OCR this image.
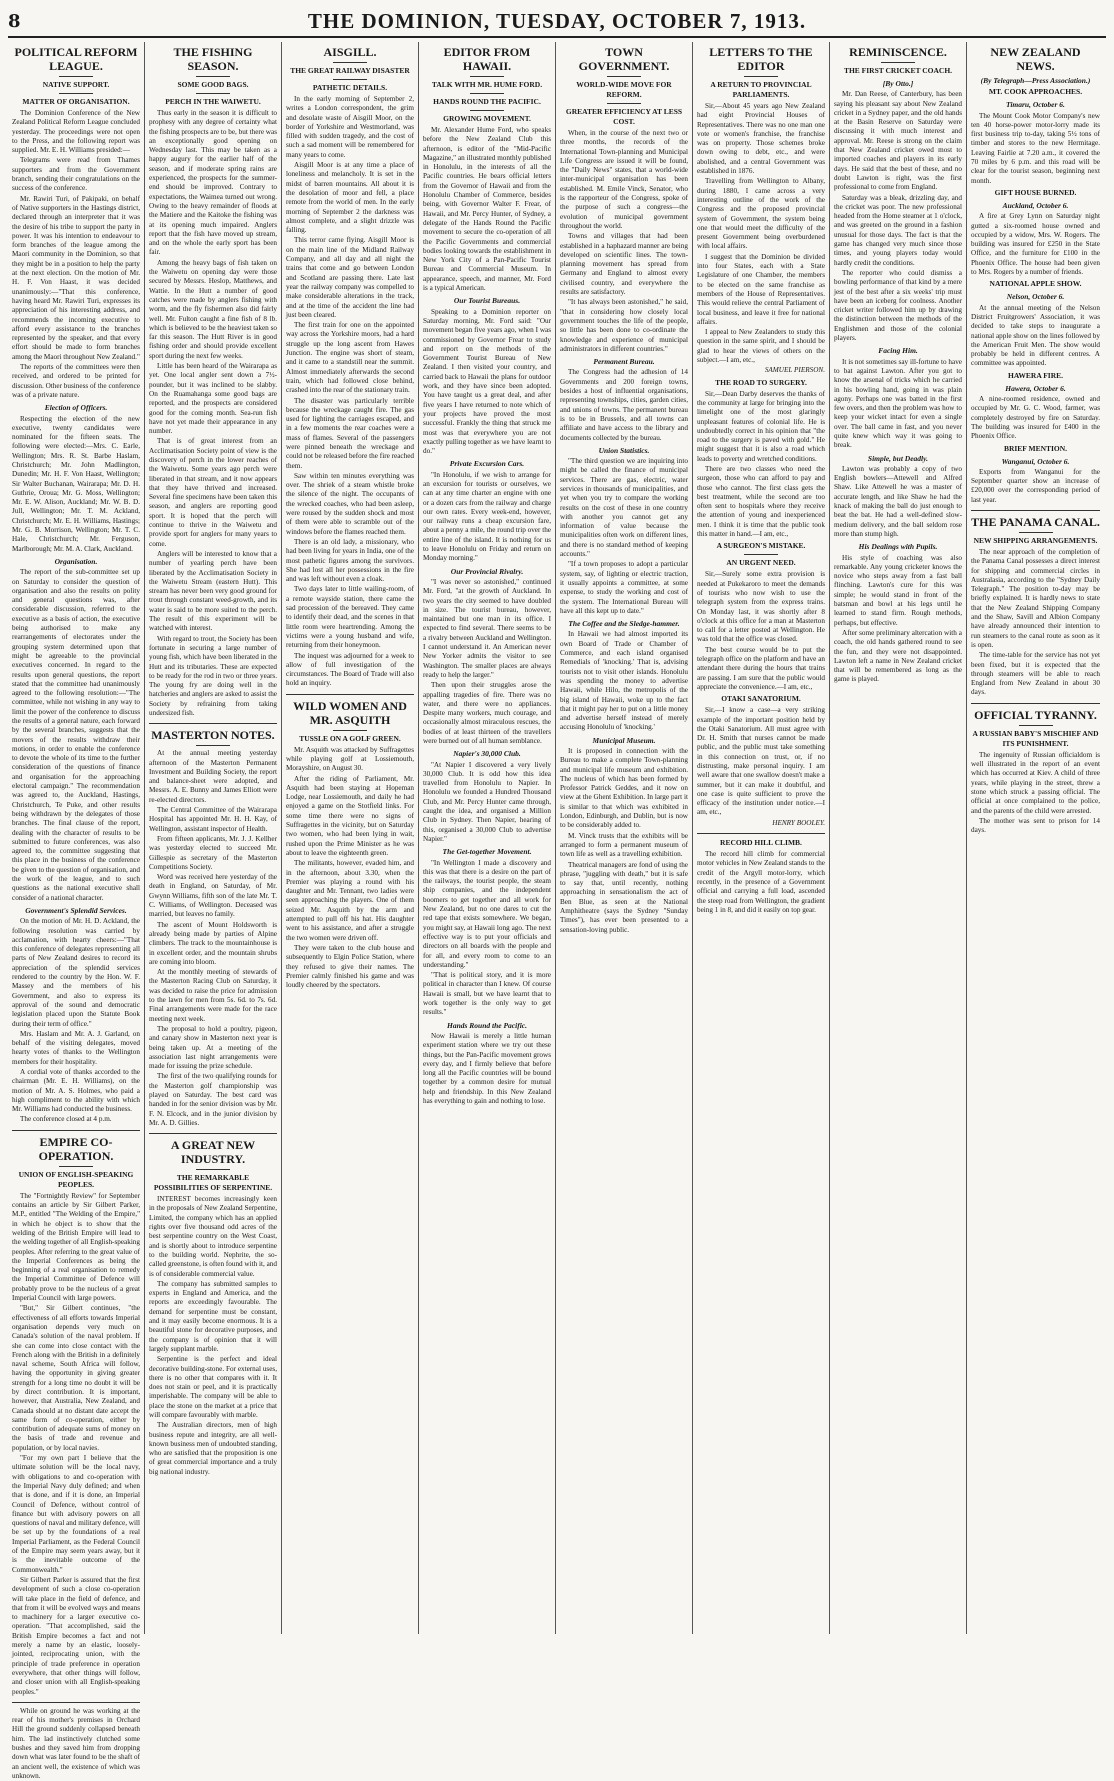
8	THE DOMINION, TUESDAY, OCTOBER 7, 1913.
POLITICAL REFORM LEAGUE.
NATIVE SUPPORT.
MATTER OF ORGANISATION.
The Dominion Conference of the New Zealand Political Reform League concluded yesterday. The proceedings were not open to the Press, and the following report was supplied. Mr. E. H. Williams presided:—
Telegrams were read from Thames supporters and from the Government branch, sending their congratulations on the success of the conference.
Mr. Rawiri Turi, of Pakipaki, on behalf of Native supporters in the Hastings district, declared through an interpreter that it was the desire of his tribe to support the party in power. It was his intention to endeavour to form branches of the league among the Maori community in the Dominion, so that they might be in a position to help the party at the next election. On the motion of Mr. H. F. Von Haast, it was decided unanimously:—"That this conference, having heard Mr. Rawiri Turi, expresses its appreciation of his interesting address, and recommends the incoming executive to afford every assistance to the branches represented by the speaker, and that every effort should be made to form branches among the Maori throughout New Zealand."
The reports of the committees were then received, and ordered to be printed for discussion. Other business of the conference was of a private nature.
Election of Officers.
Respecting the election of the new executive, twenty candidates were nominated for the fifteen seats. The following were elected:—Mrs. C. Earle, Wellington; Mrs. R. St. Barbe Haslam, Christchurch; Mr. John Madlington, Dunedin; Mr. H. F. Von Haast, Wellington; Sir Walter Buchanan, Wairarapa; Mr. D. H. Guthrie, Oroua; Mr. G. Moss, Wellington; Mr. E. W. Alison, Auckland; Mr. W. B. D. Jull, Wellington; Mr. T. M. Ackland, Christchurch; Mr. E. H. Williams, Hastings; Mr. G. B. Morrison, Wellington; Mr. T. C. Hale, Christchurch; Mr. Ferguson, Marlborough; Mr. M. A. Clark, Auckland.
Organisation.
The report of the sub-committee set up on Saturday to consider the question of organisation and also the results on polity and general questions was, after considerable discussion, referred to the executive as a basis of action, the executive being authorised to make any rearrangements of electorates under the grouping system determined upon that might be agreeable to the provincial executives concerned. In regard to the results upon general questions, the report stated that the committee had unanimously agreed to the following resolution:—"The committee, while not wishing in any way to limit the power of the conference to discuss the results of a general nature, each forward by the several branches, suggests that the movers of the results withdraw their motions, in order to enable the conference to devote the whole of its time to the further consideration of the questions of finance and organisation for the approaching electoral campaign." The recommendation was agreed to, the Auckland, Hastings, Christchurch, Te Puke, and other results being withdrawn by the delegates of those branches. The final clause of the report, dealing with the character of results to be submitted to future conferences, was also agreed to, the committee suggesting that this place in the business of the conference be given to the question of organisation, and the work of the league, and to such questions as the national executive shall consider of a national character.
Government's Splendid Services.
On the motion of Mr. H. D. Ackland, the following resolution was carried by acclamation, with hearty cheers:—"That this conference of delegates representing all parts of New Zealand desires to record its appreciation of the splendid services rendered to the country by the Hon. W. F. Massey and the members of his Government, and also to express its approval of the sound and democratic legislation placed upon the Statute Book during their term of office."
Mrs. Haslam and Mr. A. J. Garland, on behalf of the visiting delegates, moved hearty votes of thanks to the Wellington members for their hospitality.
A cordial vote of thanks accorded to the chairman (Mr. E. H. Williams), on the motion of Mr. A. S. Holmes, who paid a high compliment to the ability with which Mr. Williams had conducted the business.
The conference closed at 4 p.m.
EMPIRE CO-OPERATION.
UNION OF ENGLISH-SPEAKING PEOPLES.
The "Fortnightly Review" for September contains an article by Sir Gilbert Parker, M.P., entitled "The Welding of the Empire," in which he object is to show that the welding of the British Empire will lead to the welding together of all English-speaking peoples. After referring to the great value of the Imperial Conferences as being the beginning of a real organisation to remedy the Imperial Committee of Defence will probably prove to be the nucleus of a great Imperial Council with large powers.
"But," Sir Gilbert continues, "the effectiveness of all efforts towards Imperial organisation depends very much on Canada's solution of the naval problem. If she can come into close contact with the French along with the British in a definitely naval scheme, South Africa will follow, having the opportunity in giving greater strength for a long time no doubt it will be by direct contribution. It is important, however, that Australia, New Zealand, and Canada should at no distant date accept the same form of co-operation, either by contribution of adequate sums of money on the basis of trade and revenue and population, or by local navies.
"For my own part I believe that the ultimate solution will be the local navy, with obligations to and co-operation with the Imperial Navy duly defined; and when that is done, and if it is done, an Imperial Council of Defence, without control of finance but with advisory powers on all questions of naval and military defence, will be set up by the foundations of a real Imperial Parliament, as the Federal Council of the Empire may seem years away, but it is the inevitable outcome of the Commonwealth."
Sir Gilbert Parker is assured that the first development of such a close co-operation will take place in the field of defence, and that from it will be evolved ways and means to machinery for a larger executive co-operation. "That accomplished, said the British Empire becomes a fact and not merely a name by an elastic, loosely-jointed, reciprocating union, with the principle of trade preference in operation everywhere, that other things will follow, and closer union with all English-speaking peoples."
While on ground he was working at the rear of his mother's premises in Orchard Hill the ground suddenly collapsed beneath him. The lad instinctively clutched some bushes and they saved him from dropping down what was later found to be the shaft of an ancient well, the existence of which was unknown.
THE FISHING SEASON.
SOME GOOD BAGS.
PERCH IN THE WAIWETU.
Thus early in the season it is difficult to prophesy with any degree of certainty what the fishing prospects are to be, but there was an exceptionally good opening on Wednesday last. This may be taken as a happy augury for the earlier half of the season, and if moderate spring rains are experienced, the prospects for the summer-end should be improved. Contrary to expectations, the Waimea turned out wrong. Owing to the heavy remainder of floods at the Matiere and the Kaitoke the fishing was at its opening much impaired. Anglers report that the fish have moved up stream, and on the whole the early sport has been fair.
Among the heavy bags of fish taken on the Waiwetu on opening day were those secured by Messrs. Heslop, Matthews, and Wattie. In the Hutt a number of good catches were made by anglers fishing with worm, and the fly fishermen also did fairly well. Mr. Fulton caught a fine fish of 8 lb. which is believed to be the heaviest taken so far this season. The Hutt River is in good fishing order and should provide excellent sport during the next few weeks.
Little has been heard of the Wairarapa as yet. One local angler sent down a 7½-pounder, but it was inclined to be slabby. On the Ruamahanga some good bags are reported, and the prospects are considered good for the coming month. Sea-run fish have not yet made their appearance in any number.
That is of great interest from an Acclimatisation Society point of view is the discovery of perch in the lower reaches of the Waiwetu. Some years ago perch were liberated in that stream, and it now appears that they have thrived and increased. Several fine specimens have been taken this season, and anglers are reporting good sport. It is hoped that the perch will continue to thrive in the Waiwetu and provide sport for anglers for many years to come.
Anglers will be interested to know that a number of yearling perch have been liberated by the Acclimatisation Society in the Waiwetu Stream (eastern Hutt). This stream has never been very good ground for trout through constant weed-growth, and its water is said to be more suited to the perch. The result of this experiment will be watched with interest.
With regard to trout, the Society has been fortunate in securing a large number of young fish, which have been liberated in the Hutt and its tributaries. These are expected to be ready for the rod in two or three years. The young fry are doing well in the hatcheries and anglers are asked to assist the Society by refraining from taking undersized fish.
MASTERTON NOTES.
At the annual meeting yesterday afternoon of the Masterton Permanent Investment and Building Society, the report and balance-sheet were adopted, and Messrs. A. E. Bunny and James Elliott were re-elected directors.
The Central Committee of the Wairarapa Hospital has appointed Mr. H. H. Kay, of Wellington, assistant inspector of Health.
From fifteen applicants, Mr. J. J. Kellher was yesterday elected to succeed Mr. Gillespie as secretary of the Masterton Competitions Society.
Word was received here yesterday of the death in England, on Saturday, of Mr. Gwynn Williams, fifth son of the late Mr. T. C. Williams, of Wellington. Deceased was married, but leaves no family.
The ascent of Mount Holdsworth is already being made by parties of Alpine climbers. The track to the mountainhouse is in excellent order, and the mountain shrubs are coming into bloom.
At the monthly meeting of stewards of the Masterton Racing Club on Saturday, it was decided to raise the price for admission to the lawn for men from 5s. 6d. to 7s. 6d. Final arrangements were made for the race meeting next week.
The proposal to hold a poultry, pigeon, and canary show in Masterton next year is being taken up. At a meeting of the association last night arrangements were made for issuing the prize schedule.
The first of the two qualifying rounds for the Masterton golf championship was played on Saturday. The best card was handed in for the senior division was by Mr. F. N. Elcock, and in the junior division by Mr. A. D. Gillies.
A GREAT NEW INDUSTRY.
THE REMARKABLE POSSIBILITIES OF SERPENTINE.
INTEREST becomes increasingly keen in the proposals of New Zealand Serpentine, Limited, the company which has an applied rights over five thousand odd acres of the best serpentine country on the West Coast, and is shortly about to introduce serpentine to the building world. Nephrite, the so-called greenstone, is often found with it, and is of considerable commercial value.
The company has submitted samples to experts in England and America, and the reports are exceedingly favourable. The demand for serpentine must be constant, and it may easily become enormous. It is a beautiful stone for decorative purposes, and the company is of opinion that it will largely supplant marble.
Serpentine is the perfect and ideal decorative building-stone. For external uses, there is no other that compares with it. It does not stain or peel, and it is practically imperishable. The company will be able to place the stone on the market at a price that will compare favourably with marble.
The Australian directors, men of high business repute and integrity, are all well-known business men of undoubted standing, who are satisfied that the proposition is one of great commercial importance and a truly big national industry.
AISGILL.
THE GREAT RAILWAY DISASTER
PATHETIC DETAILS.
In the early morning of September 2, writes a London correspondent, the grim and desolate waste of Aisgill Moor, on the border of Yorkshire and Westmorland, was filled with sudden tragedy, and the cost of such a sad moment will be remembered for many years to come.
Aisgill Moor is at any time a place of loneliness and melancholy. It is set in the midst of barren mountains. All about it is the desolation of moor and fell, a place remote from the world of men. In the early morning of September 2 the darkness was almost complete, and a slight drizzle was falling.
This terror came flying. Aisgill Moor is on the main line of the Midland Railway Company, and all day and all night the trains that come and go between London and Scotland are passing there. Late last year the railway company was compelled to make considerable alterations in the track, and at the time of the accident the line had just been cleared.
The first train for one on the appointed way across the Yorkshire moors, had a hard struggle up the long ascent from Hawes Junction. The engine was short of steam, and it came to a standstill near the summit. Almost immediately afterwards the second train, which had followed close behind, crashed into the rear of the stationary train.
The disaster was particularly terrible because the wreckage caught fire. The gas used for lighting the carriages escaped, and in a few moments the rear coaches were a mass of flames. Several of the passengers were pinned beneath the wreckage and could not be released before the fire reached them.
Saw within ten minutes everything was over. The shriek of a steam whistle broke the silence of the night. The occupants of the wrecked coaches, who had been asleep, were roused by the sudden shock and most of them were able to scramble out of the windows before the flames reached them.
There is an old lady, a missionary, who had been living for years in India, one of the most pathetic figures among the survivors. She had lost all her possessions in the fire and was left without even a cloak.
Two days later to little wailing-room, of a remote wayside station, there came the sad procession of the bereaved. They came to identify their dead, and the scenes in that little room were heartrending. Among the victims were a young husband and wife, returning from their honeymoon.
The inquest was adjourned for a week to allow of full investigation of the circumstances. The Board of Trade will also hold an inquiry.
WILD WOMEN AND MR. ASQUITH
TUSSLE ON A GOLF GREEN.
Mr. Asquith was attacked by Suffragettes while playing golf at Lossiemouth, Morayshire, on August 30.
After the riding of Parliament, Mr. Asquith had been staying at Hopeman Lodge, near Lossiemouth, and daily he had enjoyed a game on the Stotfield links. For some time there were no signs of Suffragettes in the vicinity, but on Saturday two women, who had been lying in wait, rushed upon the Prime Minister as he was about to leave the eighteenth green.
The militants, however, evaded him, and in the afternoon, about 3.30, when the Premier was playing a round with his daughter and Mr. Tennant, two ladies were seen approaching the players. One of them seized Mr. Asquith by the arm and attempted to pull off his hat. His daughter went to his assistance, and after a struggle the two women were driven off.
They were taken to the club house and subsequently to Elgin Police Station, where they refused to give their names. The Premier calmly finished his game and was loudly cheered by the spectators.
EDITOR FROM HAWAII.
TALK WITH MR. HUME FORD.
HANDS ROUND THE PACIFIC.
GROWING MOVEMENT.
Mr. Alexander Hume Ford, who speaks before the New Zealand Club this afternoon, is editor of the "Mid-Pacific Magazine," an illustrated monthly published in Honolulu, in the interests of all the Pacific countries. He bears official letters from the Governor of Hawaii and from the Honolulu Chamber of Commerce, besides being, with Governor Walter F. Frear, of Hawaii, and Mr. Percy Hunter, of Sydney, a delegate of the Hands Round the Pacific movement to secure the co-operation of all the Pacific Governments and commercial bodies looking towards the establishment in New York City of a Pan-Pacific Tourist Bureau and Commercial Museum. In appearance, speech, and manner, Mr. Ford is a typical American.
Our Tourist Bureaus.
Speaking to a Dominion reporter on Saturday morning, Mr. Ford said: "Our movement began five years ago, when I was commissioned by Governor Frear to study and report on the methods of the Government Tourist Bureau of New Zealand. I then visited your country, and carried back to Hawaii the plans for outdoor work, and they have since been adopted. You have taught us a great deal, and after five years I have returned to note which of your projects have proved the most successful. Frankly the thing that struck me most was that everywhere you are not exactly pulling together as we have learnt to do."
Private Excursion Cars.
"In Honolulu, if we wish to arrange for an excursion for tourists or ourselves, we can at any time charter an engine with one or a dozen cars from the railway and charge our own rates. Every week-end, however, our railway runs a cheap excursion fare, about a penny a mile, the round trip over the entire line of the island. It is nothing for us to leave Honolulu on Friday and return on Monday morning."
Our Provincial Rivalry.
"I was never so astonished," continued Mr. Ford, "at the growth of Auckland. In two years the city seemed to have doubled in size. The tourist bureau, however, maintained but one man in its office. I expected to find several. There seems to be a rivalry between Auckland and Wellington. I cannot understand it. An American never New Yorker admits the visitor to see Washington. The smaller places are always ready to help the larger."
Then upon their struggles arose the appalling tragedies of fire. There was no water, and there were no appliances. Despite many workers, much courage, and occasionally almost miraculous rescues, the bodies of at least thirteen of the travellers were burned out of all human semblance.
Napier's 30,000 Club.
"At Napier I discovered a very lively 30,000 Club. It is odd how this idea travelled from Honolulu to Napier. In Honolulu we founded a Hundred Thousand Club, and Mr. Percy Hunter came through, caught the idea, and organised a Million Club in Sydney. Then Napier, hearing of this, organised a 30,000 Club to advertise Napier."
The Get-together Movement.
"In Wellington I made a discovery and this was that there is a desire on the part of the railways, the tourist people, the steam ship companies, and the independent boomers to get together and all work for New Zealand, but no one dares to cut the red tape that exists somewhere. We began, you might say, at Hawaii long ago. The next effective way is to put your officials and directors on all boards with the people and for all, and every room to come to an understanding."
"That is political story, and it is more political in character than I knew. Of course Hawaii is small, but we have learnt that to work together is the only way to get results."
Hands Round the Pacific.
Now Hawaii is merely a little human experiment station where we try out these things, but the Pan-Pacific movement grows every day, and I firmly believe that before long all the Pacific countries will be bound together by a common desire for mutual help and friendship. In this New Zealand has everything to gain and nothing to lose.
TOWN GOVERNMENT.
WORLD-WIDE MOVE FOR REFORM.
GREATER EFFICIENCY AT LESS COST.
When, in the course of the next two or three months, the records of the International Town-planning and Municipal Life Congress are issued it will be found, the "Daily News" states, that a world-wide inter-municipal organisation has been established. M. Emile Vinck, Senator, who is the rapporteur of the Congress, spoke of the purpose of such a congress—the evolution of municipal government throughout the world.
Towns and villages that had been established in a haphazard manner are being developed on scientific lines. The town-planning movement has spread from Germany and England to almost every civilised country, and everywhere the results are satisfactory.
"It has always been astonished," he said, "that in considering how closely local government touches the life of the people, so little has been done to co-ordinate the knowledge and experience of municipal administrators in different countries."
Permanent Bureau.
The Congress had the adhesion of 14 Governments and 200 foreign towns, besides a host of influential organisations, representing townships, cities, garden cities, and unions of towns. The permanent bureau is to be in Brussels, and all towns can affiliate and have access to the library and documents collected by the bureau.
Union Statistics.
"The third question we are inquiring into might be called the finance of municipal services. There are gas, electric, water services in thousands of municipalities, and yet when you try to compare the working results on the cost of these in one country with another you cannot get any information of value because the municipalities often work on different lines, and there is no standard method of keeping accounts."
"If a town proposes to adopt a particular system, say, of lighting or electric traction, it usually appoints a committee, at some expense, to study the working and cost of the system. The International Bureau will have all this kept up to date."
The Coffee and the Sledge-hammer.
In Hawaii we had almost imported its own Board of Trade or Chamber of Commerce, and each island organised Remedials of 'knocking.' That is, advising tourists not to visit other islands. Honolulu was spending the money to advertise Hawaii, while Hilo, the metropolis of the big island of Hawaii, woke up to the fact that it might pay her to put on a little money and advertise herself instead of merely accusing Honolulu of 'knocking.'
Municipal Museum.
It is proposed in connection with the Bureau to make a complete Town-planning and municipal life museum and exhibition. The nucleus of which has been formed by Professor Patrick Geddes, and it now on view at the Ghent Exhibition. In large part it is similar to that which was exhibited in London, Edinburgh, and Dublin, but is now to be considerably added to.
M. Vinck trusts that the exhibits will be arranged to form a permanent museum of town life as well as a travelling exhibition.
Theatrical managers are fond of using the phrase, "juggling with death," but it is safe to say that, until recently, nothing approaching in sensationalism the act of Ben Blue, as seen at the National Amphitheatre (says the Sydney "Sunday Times"), has ever been presented to a sensation-loving public.
LETTERS TO THE EDITOR
A RETURN TO PROVINCIAL PARLIAMENTS.
Sir,—About 45 years ago New Zealand had eight Provincial Houses of Representatives. There was no one man one vote or women's franchise, the franchise was on property. Those schemes broke down owing to debt, etc., and were abolished, and a central Government was established in 1876.
Travelling from Wellington to Albany, during 1880, I came across a very interesting outline of the work of the Congress and the proposed provincial system of Government, the system being one that would meet the difficulty of the present Government being overburdened with local affairs.
I suggest that the Dominion be divided into four States, each with a State Legislature of one Chamber, the members to be elected on the same franchise as members of the House of Representatives. This would relieve the central Parliament of local business, and leave it free for national affairs.
I appeal to New Zealanders to study this question in the same spirit, and I should be glad to hear the views of others on the subject.—I am, etc.,
SAMUEL PIERSON.
THE ROAD TO SURGERY.
Sir,—Dean Darby deserves the thanks of the community at large for bringing into the limelight one of the most glaringly unpleasant features of colonial life. He is undoubtedly correct in his opinion that "the road to the surgery is paved with gold." He might suggest that it is also a road which leads to poverty and wretched conditions.
There are two classes who need the surgeon, those who can afford to pay and those who cannot. The first class gets the best treatment, while the second are too often sent to hospitals where they receive the attention of young and inexperienced men. I think it is time that the public took this matter in hand.—I am, etc.,
A SURGEON'S MISTAKE.
AN URGENT NEED.
Sir,—Surely some extra provision is needed at Pukekaroro to meet the demands of tourists who now wish to use the telegraph system from the express trains. On Monday last, it was shortly after 8 o'clock at this office for a man at Masterton to call for a letter posted at Wellington. He was told that the office was closed.
The best course would be to put the telegraph office on the platform and have an attendant there during the hours that trains are passing. I am sure that the public would appreciate the convenience.—I am, etc.,
OTAKI SANATORIUM.
Sir,—I know a case—a very striking example of the important position held by the Otaki Sanatorium. All must agree with Dr. H. Smith that nurses cannot be made public, and the public must take something in this connection on trust, or, if no distrusting, make personal inquiry. I am well aware that one swallow doesn't make a summer, but it can make it doubtful, and one case is quite sufficient to prove the efficacy of the institution under notice.—I am, etc.,
HENRY BOOLEY.
RECORD HILL CLIMB.
The record hill climb for commercial motor vehicles in New Zealand stands to the credit of the Argyll motor-lorry, which recently, in the presence of a Government official and carrying a full load, ascended the steep road from Wellington, the gradient being 1 in 8, and did it easily on top gear.
REMINISCENCE.
THE FIRST CRICKET COACH.
[By Otto.]
Mr. Dan Reese, of Canterbury, has been saying his pleasant say about New Zealand cricket in a Sydney paper, and the old hands at the Basin Reserve on Saturday were discussing it with much interest and approval. Mr. Reese is strong on the claim that New Zealand cricket owed most to imported coaches and players in its early days. He said that the best of these, and no doubt Lawton is right, was the first professional to come from England.
Saturday was a bleak, drizzling day, and the cricket was poor. The new professional headed from the Home steamer at 1 o'clock, and was greeted on the ground in a fashion unusual for those days. The fact is that the game has changed very much since those times, and young players today would hardly credit the conditions.
The reporter who could dismiss a bowling performance of that kind by a mere jest of the best after a six weeks' trip must have been an iceberg for coolness. Another cricket writer followed him up by drawing the distinction between the methods of the Englishmen and those of the colonial players.
Facing Him.
It is not sometimes say ill-fortune to have to bat against Lawton. After you got to know the arsenal of tricks which he carried in his bowling hand, going in was plain agony. Perhaps one was batted in the first few overs, and then the problem was how to keep your wicket intact for even a single over. The ball came in fast, and you never quite knew which way it was going to break.
Simple, but Deadly.
Lawton was probably a copy of two English bowlers—Attewell and Alfred Shaw. Like Attewell he was a master of accurate length, and like Shaw he had the knack of making the ball do just enough to beat the bat. He had a well-defined slow-medium delivery, and the ball seldom rose more than stump high.
His Dealings with Pupils.
His style of coaching was also remarkable. Any young cricketer knows the novice who steps away from a fast ball flinching. Lawton's cure for this was simple; he would stand in front of the batsman and bowl at his legs until he learned to stand firm. Rough methods, perhaps, but effective.
After some preliminary altercation with a coach, the old hands gathered round to see the fun, and they were not disappointed. Lawton left a name in New Zealand cricket that will be remembered as long as the game is played.
NEW ZEALAND NEWS.
(By Telegraph—Press Association.)
MT. COOK APPROACHES.
Timaru, October 6.
The Mount Cook Motor Company's new ten 40 horse-power motor-lorry made its first business trip to-day, taking 5½ tons of timber and stores to the new Hermitage. Leaving Fairlie at 7.20 a.m., it covered the 70 miles by 6 p.m. and this road will be clear for the tourist season, beginning next month.
GIFT HOUSE BURNED.
Auckland, October 6.
A fire at Grey Lynn on Saturday night gutted a six-roomed house owned and occupied by a widow, Mrs. W. Rogers. The building was insured for £250 in the State Office, and the furniture for £100 in the Phoenix Office. The house had been given to Mrs. Rogers by a number of friends.
NATIONAL APPLE SHOW.
Nelson, October 6.
At the annual meeting of the Nelson District Fruitgrowers' Association, it was decided to take steps to inaugurate a national apple show on the lines followed by the American Fruit Men. The show would probably be held in different centres. A committee was appointed.
HAWERA FIRE.
Hawera, October 6.
A nine-roomed residence, owned and occupied by Mr. G. C. Wood, farmer, was completely destroyed by fire on Saturday. The building was insured for £400 in the Phoenix Office.
BRIEF MENTION.
Wanganui, October 6.
Exports from Wanganui for the September quarter show an increase of £20,000 over the corresponding period of last year.
THE PANAMA CANAL.
NEW SHIPPING ARRANGEMENTS.
The near approach of the completion of the Panama Canal possesses a direct interest for shipping and commercial circles in Australasia, according to the "Sydney Daily Telegraph." The position to-day may be briefly explained. It is hardly news to state that the New Zealand Shipping Company and the Shaw, Savill and Albion Company have already announced their intention to run steamers to the canal route as soon as it is open.
The time-table for the service has not yet been fixed, but it is expected that the through steamers will be able to reach England from New Zealand in about 30 days.
OFFICIAL TYRANNY.
A RUSSIAN BABY'S MISCHIEF AND ITS PUNISHMENT.
The ingenuity of Russian officialdom is well illustrated in the report of an event which has occurred at Kiev. A child of three years, while playing in the street, threw a stone which struck a passing official. The official at once complained to the police, and the parents of the child were arrested.
The mother was sent to prison for 14 days.
